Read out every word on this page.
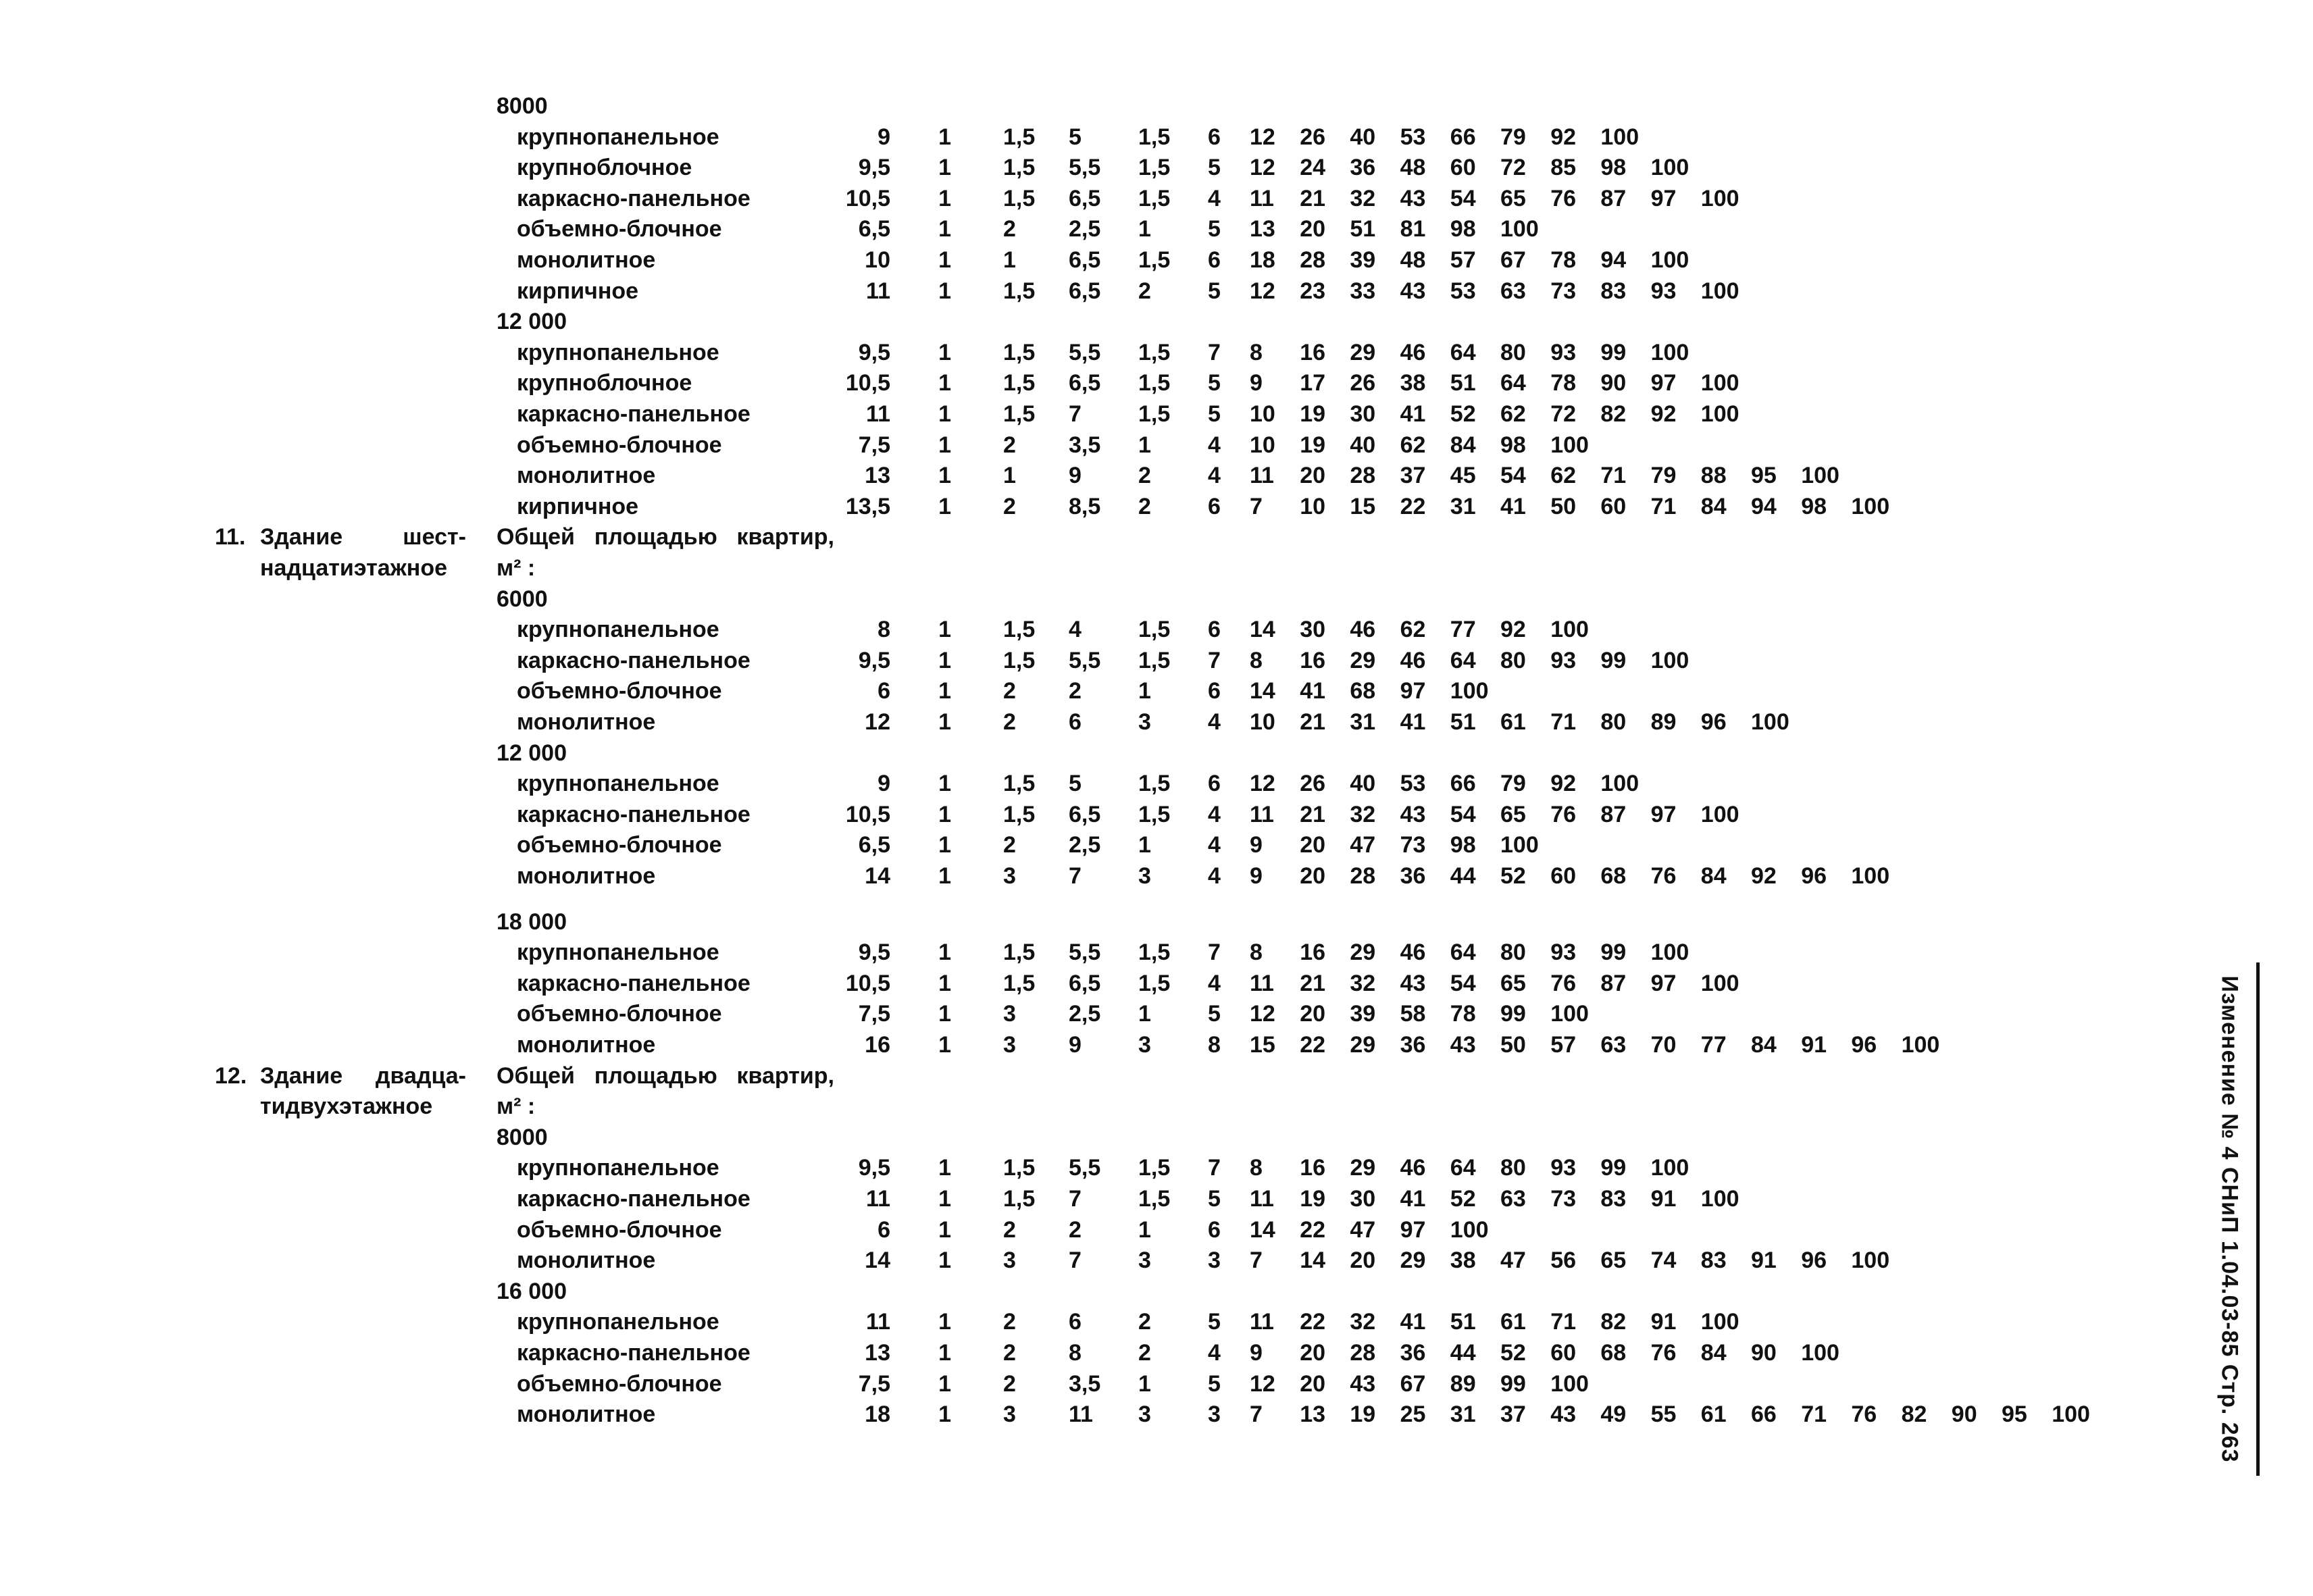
8000
крупнопанельное	9 1 1,5 5 1,5 6 12 26 40 53 66 79 92 100
крупноблочное	9,5 1 1,5 5,5 1,5 5 12 24 36 48 60 72 85 98 100
каркасно-панельное	10,5 1 1,5 6,5 1,5 4 11 21 32 43 54 65 76 87 97 100
объемно-блочное	6,5 1 2 2,5 1 5 13 20 51 81 98 100
монолитное	10 1 1 6,5 1,5 6 18 28 39 48 57 67 78 94 100
кирпичное	11 1 1,5 6,5 2 5 12 23 33 43 53 63 73 83 93 100
12 000
крупнопанельное	9,5 1 1,5 5,5 1,5 7 8 16 29 46 64 80 93 99 100
крупноблочное	10,5 1 1,5 6,5 1,5 5 9 17 26 38 51 64 78 90 97 100
каркасно-панельное	11 1 1,5 7 1,5 5 10 19 30 41 52 62 72 82 92 100
объемно-блочное	7,5 1 2 3,5 1 4 10 19 40 62 84 98 100
монолитное	13 1 1 9 2 4 11 20 28 37 45 54 62 71 79 88 95 100
кирпичное	13,5 1 2 8,5 2 6 7 10 15 22 31 41 50 60 71 84 94 98 100
11. Здание шест-
надцатиэтажное
Общей площадью квартир,
м² :
6000
крупнопанельное	8 1 1,5 4 1,5 6 14 30 46 62 77 92 100
каркасно-панельное	9,5 1 1,5 5,5 1,5 7 8 16 29 46 64 80 93 99 100
объемно-блочное	6 1 2 2 1 6 14 41 68 97 100
монолитное	12 1 2 6 3 4 10 21 31 41 51 61 71 80 89 96 100
12 000
крупнопанельное	9 1 1,5 5 1,5 6 12 26 40 53 66 79 92 100
каркасно-панельное	10,5 1 1,5 6,5 1,5 4 11 21 32 43 54 65 76 87 97 100
объемно-блочное	6,5 1 2 2,5 1 4 9 20 47 73 98 100
монолитное	14 1 3 7 3 4 9 20 28 36 44 52 60 68 76 84 92 96 100
18 000
крупнопанельное	9,5 1 1,5 5,5 1,5 7 8 16 29 46 64 80 93 99 100
каркасно-панельное	10,5 1 1,5 6,5 1,5 4 11 21 32 43 54 65 76 87 97 100
объемно-блочное	7,5 1 3 2,5 1 5 12 20 39 58 78 99 100
монолитное	16 1 3 9 3 8 15 22 29 36 43 50 57 63 70 77 84 91 96 100
12. Здание двадца-
тидвухэтажное
Общей площадью квартир,
м² :
8000
крупнопанельное	9,5 1 1,5 5,5 1,5 7 8 16 29 46 64 80 93 99 100
каркасно-панельное	11 1 1,5 7 1,5 5 11 19 30 41 52 63 73 83 91 100
объемно-блочное	6 1 2 2 1 6 14 22 47 97 100
монолитное	14 1 3 7 3 3 7 14 20 29 38 47 56 65 74 83 91 96 100
16 000
крупнопанельное	11 1 2 6 2 5 11 22 32 41 51 61 71 82 91 100
каркасно-панельное	13 1 2 8 2 4 9 20 28 36 44 52 60 68 76 84 90 100
объемно-блочное	7,5 1 2 3,5 1 5 12 20 43 67 89 99 100
монолитное	18 1 3 11 3 3 7 13 19 25 31 37 43 49 55 61 66 71 76 82 90 95 100	Изменение № 4 СНиП 1.04.03-85 Стр. 263
